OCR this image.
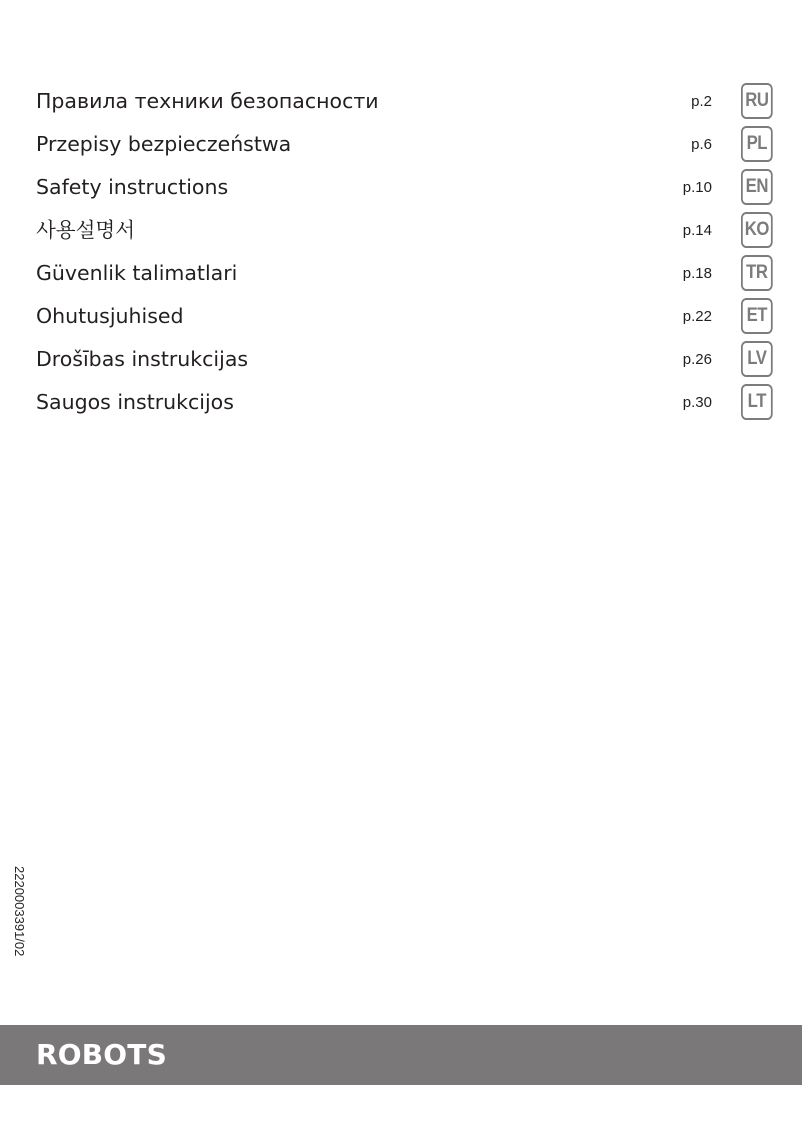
Правила техники безопасности	p.2 RU
Przepisy bezpieczeństwa	p.6 PL
Safety instructions	p.10 EN
사용설명서	p.14 KO
Güvenlik talimatlari	p.18 TR
Ohutusjuhised	p.22 ET
Drošības instrukcijas	p.26	LV
Saugos instrukcijos	p.30	LT
2220003391/02
ROBOTS
